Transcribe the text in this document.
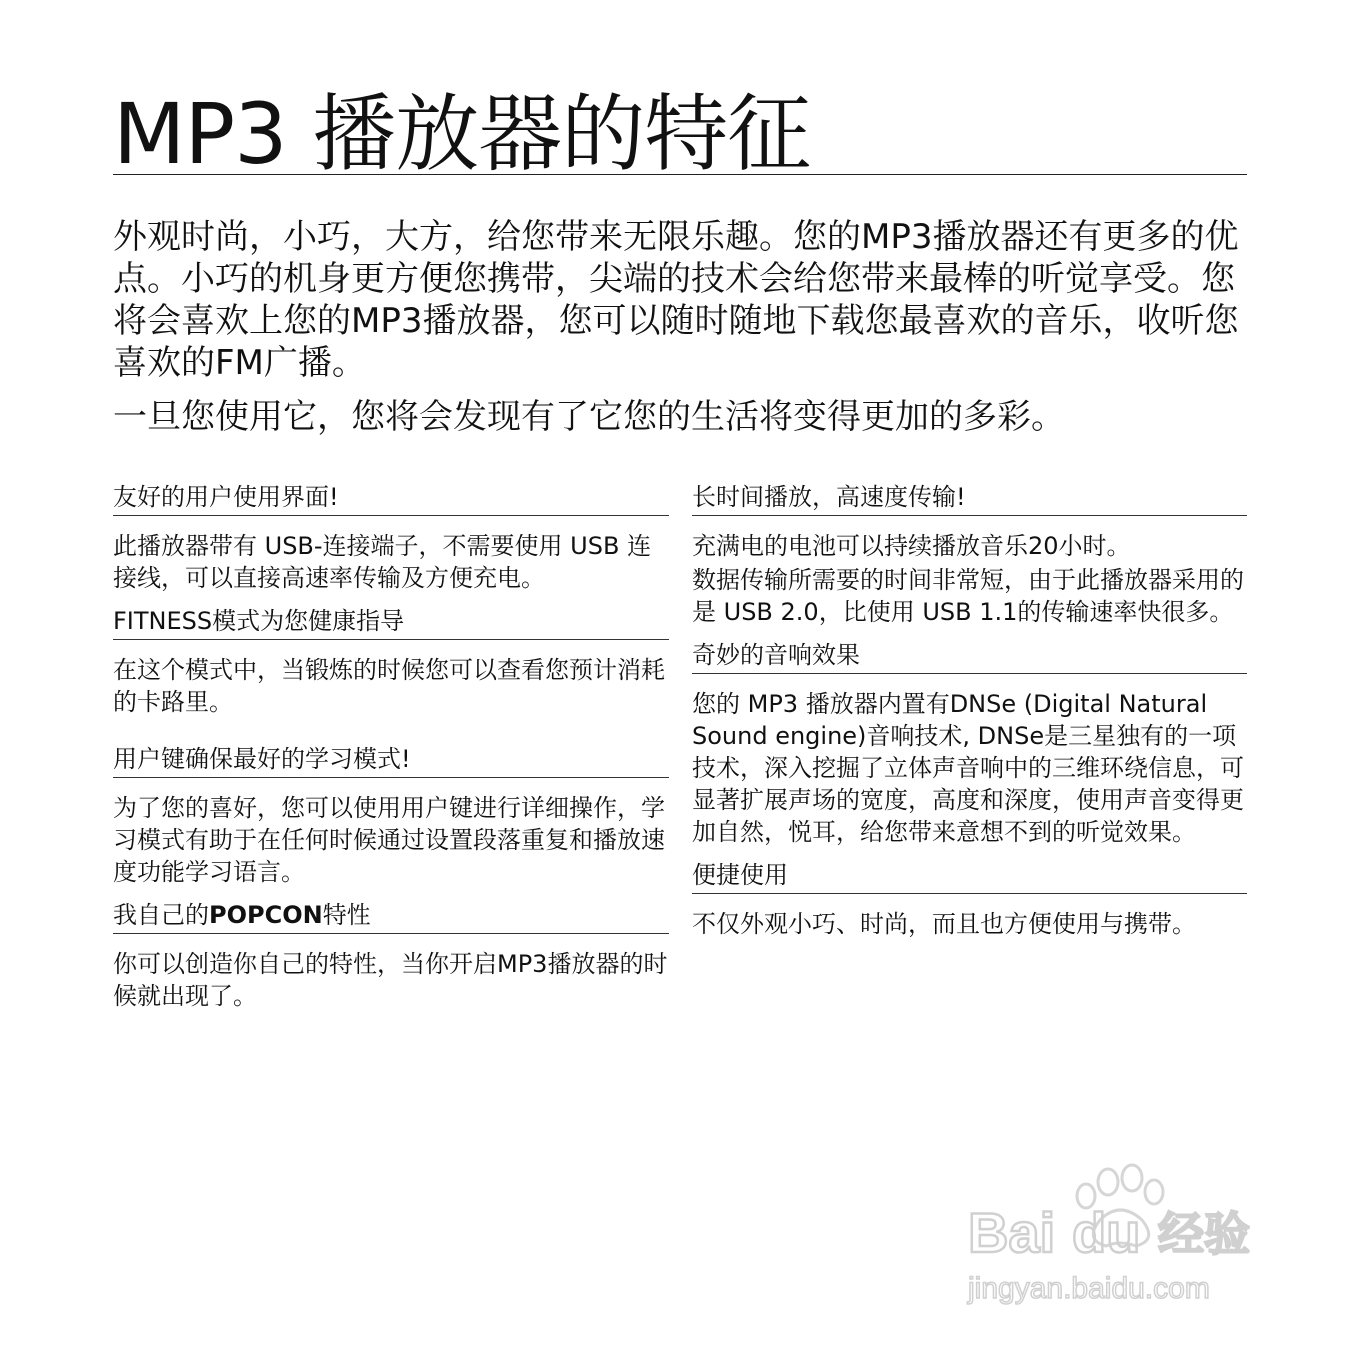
MP3 播放器的特征

外观时尚，小巧，大方，给您带来无限乐趣。您的MP3播放器还有更多的优点。小巧的机身更方便您携带，尖端的技术会给您带来最棒的听觉享受。您将会喜欢上您的MP3播放器，您可以随时随地下载您最喜欢的音乐，收听您喜欢的FM广播。

一旦您使用它，您将会发现有了它您的生活将变得更加的多彩。

友好的用户使用界面!

此播放器带有 USB-连接端子，不需要使用 USB 连接线，可以直接高速率传输及方便充电。

FITNESS模式为您健康指导

在这个模式中，当锻炼的时候您可以查看您预计消耗的卡路里。

用户键确保最好的学习模式!

为了您的喜好，您可以使用用户键进行详细操作，学习模式有助于在任何时候通过设置段落重复和播放速度功能学习语言。

我自己的POPCON特性

你可以创造你自己的特性，当你开启MP3播放器的时候就出现了。

长时间播放，高速度传输!

充满电的电池可以持续播放音乐20小时。

数据传输所需要的时间非常短，由于此播放器采用的是 USB 2.0，比使用 USB 1.1的传输速率快很多。

奇妙的音响效果

您的 MP3 播放器内置有DNSe (Digital Natural Sound engine)音响技术, DNSe是三星独有的一项技术，深入挖掘了立体声音响中的三维环绕信息，可显著扩展声场的宽度，高度和深度，使用声音变得更加自然，悦耳，给您带来意想不到的听觉效果。

便捷使用

不仅外观小巧、时尚，而且也方便使用与携带。

Bai du 经验
jingyan.baidu.com
